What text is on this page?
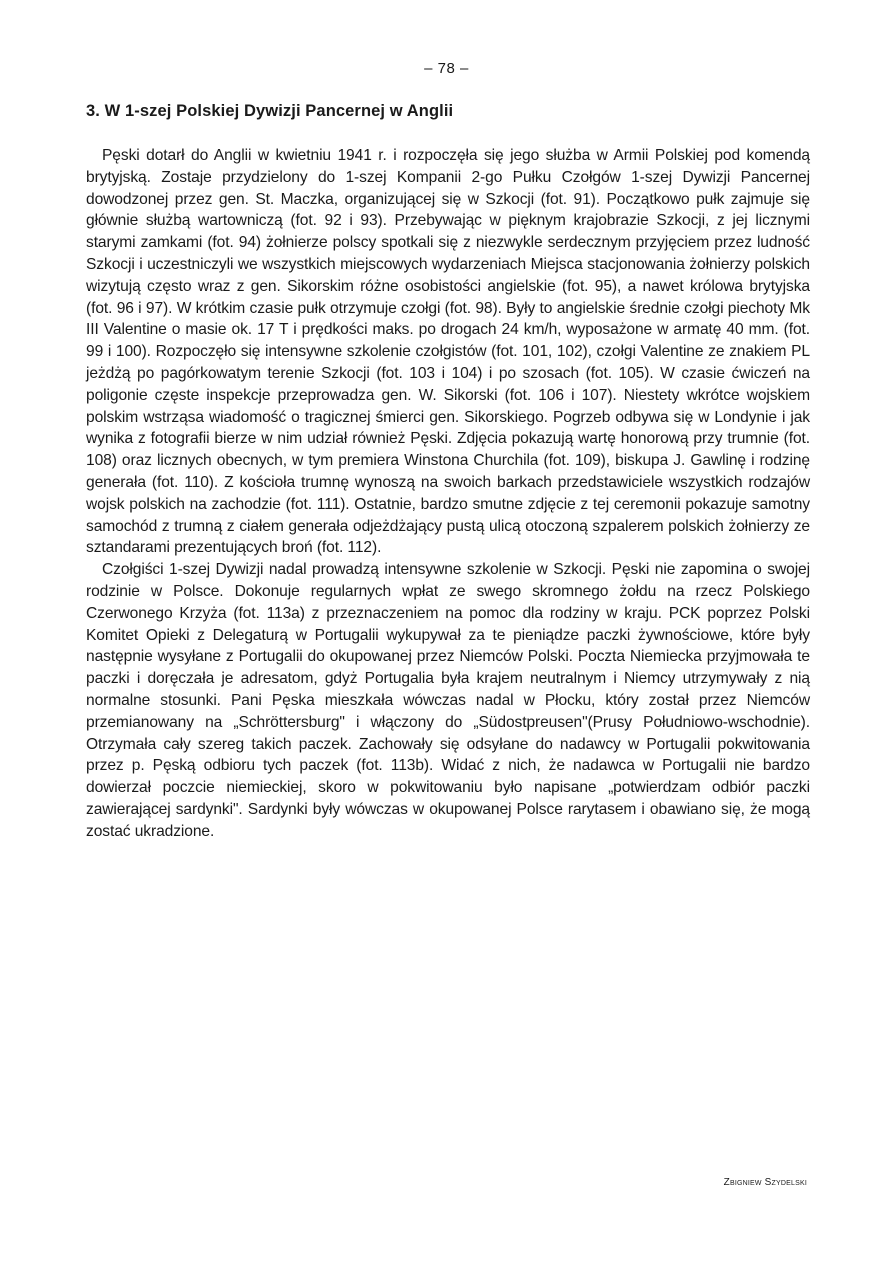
– 78 –
3. W 1-szej Polskiej Dywizji Pancernej w Anglii

Pęski dotarł do Anglii w kwietniu 1941 r. i rozpoczęła się jego służba w Armii Polskiej pod komendą brytyjską. Zostaje przydzielony do 1-szej Kompanii 2-go Pułku Czołgów 1-szej Dywizji Pancernej dowodzonej przez gen. St. Maczka, organizującej się w Szkocji (fot. 91). Początkowo pułk zajmuje się głównie służbą wartowniczą (fot. 92 i 93). Przebywając w pięknym krajobrazie Szkocji, z jej licznymi starymi zamkami (fot. 94) żołnierze polscy spotkali się z niezwykle serdecznym przyjęciem przez ludność Szkocji i uczestniczyli we wszystkich miejscowych wydarzeniach Miejsca stacjonowania żołnierzy polskich wizytują często wraz z gen. Sikorskim różne osobistości angielskie (fot. 95), a nawet królowa brytyjska (fot. 96 i 97). W krótkim czasie pułk otrzymuje czołgi (fot. 98). Były to angielskie średnie czołgi piechoty Mk III Valentine o masie ok. 17 T i prędkości maks. po drogach 24 km/h, wyposażone w armatę 40 mm. (fot. 99 i 100). Rozpoczęło się intensywne szkolenie czołgistów (fot. 101, 102), czołgi Valentine ze znakiem PL jeżdżą po pagórkowatym terenie Szkocji (fot. 103 i 104) i po szosach (fot. 105). W czasie ćwiczeń na poligonie częste inspekcje przeprowadza gen. W. Sikorski (fot. 106 i 107). Niestety wkrótce wojskiem polskim wstrząsa wiadomość o tragicznej śmierci gen. Sikorskiego. Pogrzeb odbywa się w Londynie i jak wynika z fotografii bierze w nim udział również Pęski. Zdjęcia pokazują wartę honorową przy trumnie (fot. 108) oraz licznych obecnych, w tym premiera Winstona Churchila (fot. 109), biskupa J. Gawlinę i rodzinę generała (fot. 110). Z kościoła trumnę wynoszą na swoich barkach przedstawiciele wszystkich rodzajów wojsk polskich na zachodzie (fot. 111). Ostatnie, bardzo smutne zdjęcie z tej ceremonii pokazuje samotny samochód z trumną z ciałem generała odjeżdżający pustą ulicą otoczoną szpalerem polskich żołnierzy ze sztandarami prezentujących broń (fot. 112).

Czołgiści 1-szej Dywizji nadal prowadzą intensywne szkolenie w Szkocji. Pęski nie zapomina o swojej rodzinie w Polsce. Dokonuje regularnych wpłat ze swego skromnego żołdu na rzecz Polskiego Czerwonego Krzyża (fot. 113a) z przeznaczeniem na pomoc dla rodziny w kraju. PCK poprzez Polski Komitet Opieki z Delegaturą w Portugalii wykupywał za te pieniądze paczki żywnościowe, które były następnie wysyłane z Portugalii do okupowanej przez Niemców Polski. Poczta Niemiecka przyjmowała te paczki i doręczała je adresatom, gdyż Portugalia była krajem neutralnym i Niemcy utrzymywały z nią normalne stosunki. Pani Pęska mieszkała wówczas nadal w Płocku, który został przez Niemców przemianowany na „Schröttersburg" i włączony do „Südostpreusen"(Prusy Południowo-wschodnie). Otrzymała cały szereg takich paczek. Zachowały się odsyłane do nadawcy w Portugalii pokwitowania przez p. Pęską odbioru tych paczek (fot. 113b). Widać z nich, że nadawca w Portugalii nie bardzo dowierzał poczcie niemieckiej, skoro w pokwitowaniu było napisane „potwierdzam odbiór paczki zawierającej sardynki". Sardynki były wówczas w okupowanej Polsce rarytasem i obawiano się, że mogą zostać ukradzione.

Zbigniew Szydelski
